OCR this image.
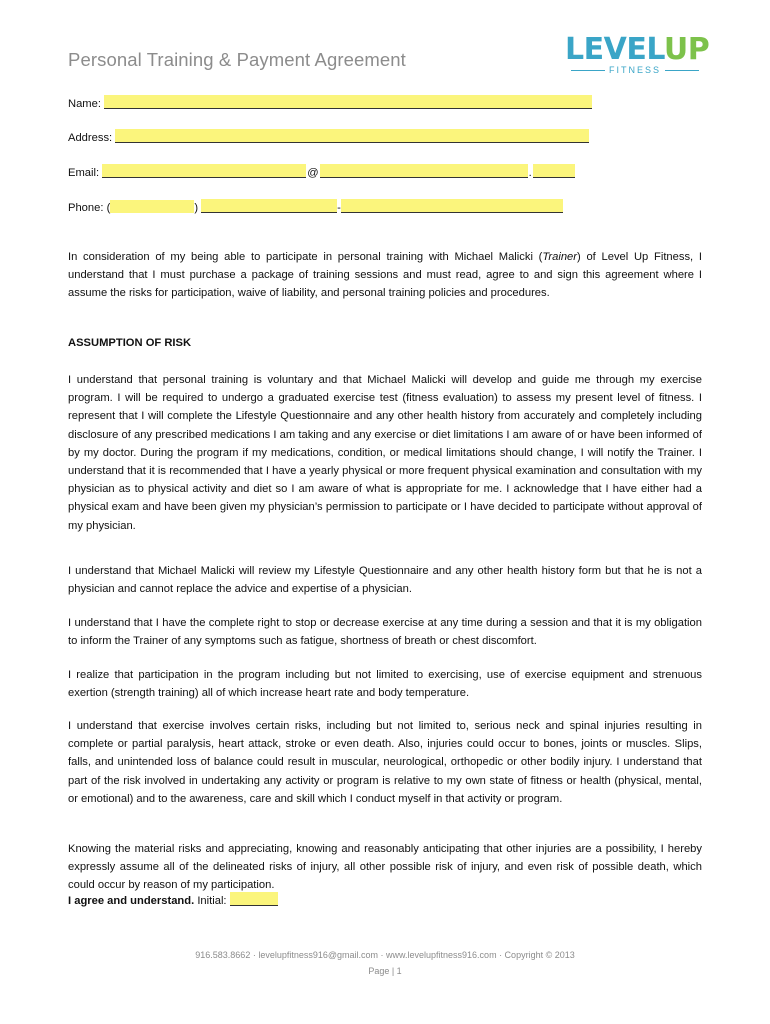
Personal Training & Payment Agreement	LEVELUP
FITNESS
Name:
Address:
Email:	@	.
Phone: (	)	-

In consideration of my being able to participate in personal training with Michael Malicki (Trainer) of Level Up Fitness, I understand that I must purchase a package of training sessions and must read, agree to and sign this agreement where I assume the risks for participation, waive of liability, and personal training policies and procedures.

ASSUMPTION OF RISK

I understand that personal training is voluntary and that Michael Malicki will develop and guide me through my exercise program. I will be required to undergo a graduated exercise test (fitness evaluation) to assess my present level of fitness. I represent that I will complete the Lifestyle Questionnaire and any other health history from accurately and completely including disclosure of any prescribed medications I am taking and any exercise or diet limitations I am aware of or have been informed of by my doctor. During the program if my medications, condition, or medical limitations should change, I will notify the Trainer. I understand that it is recommended that I have a yearly physical or more frequent physical examination and consultation with my physician as to physical activity and diet so I am aware of what is appropriate for me. I acknowledge that I have either had a physical exam and have been given my physician’s permission to participate or I have decided to participate without approval of my physician.

I understand that Michael Malicki will review my Lifestyle Questionnaire and any other health history form but that he is not a physician and cannot replace the advice and expertise of a physician.

I understand that I have the complete right to stop or decrease exercise at any time during a session and that it is my obligation to inform the Trainer of any symptoms such as fatigue, shortness of breath or chest discomfort.

I realize that participation in the program including but not limited to exercising, use of exercise equipment and strenuous exertion (strength training) all of which increase heart rate and body temperature.

I understand that exercise involves certain risks, including but not limited to, serious neck and spinal injuries resulting in complete or partial paralysis, heart attack, stroke or even death. Also, injuries could occur to bones, joints or muscles. Slips, falls, and unintended loss of balance could result in muscular, neurological, orthopedic or other bodily injury. I understand that part of the risk involved in undertaking any activity or program is relative to my own state of fitness or health (physical, mental, or emotional) and to the awareness, care and skill which I conduct myself in that activity or program.

Knowing the material risks and appreciating, knowing and reasonably anticipating that other injuries are a possibility, I hereby expressly assume all of the delineated risks of injury, all other possible risk of injury, and even risk of possible death, which could occur by reason of my participation.

I agree and understand. Initial:
916.583.8662 · levelupfitness916@gmail.com · www.levelupfitness916.com · Copyright © 2013
Page | 1
